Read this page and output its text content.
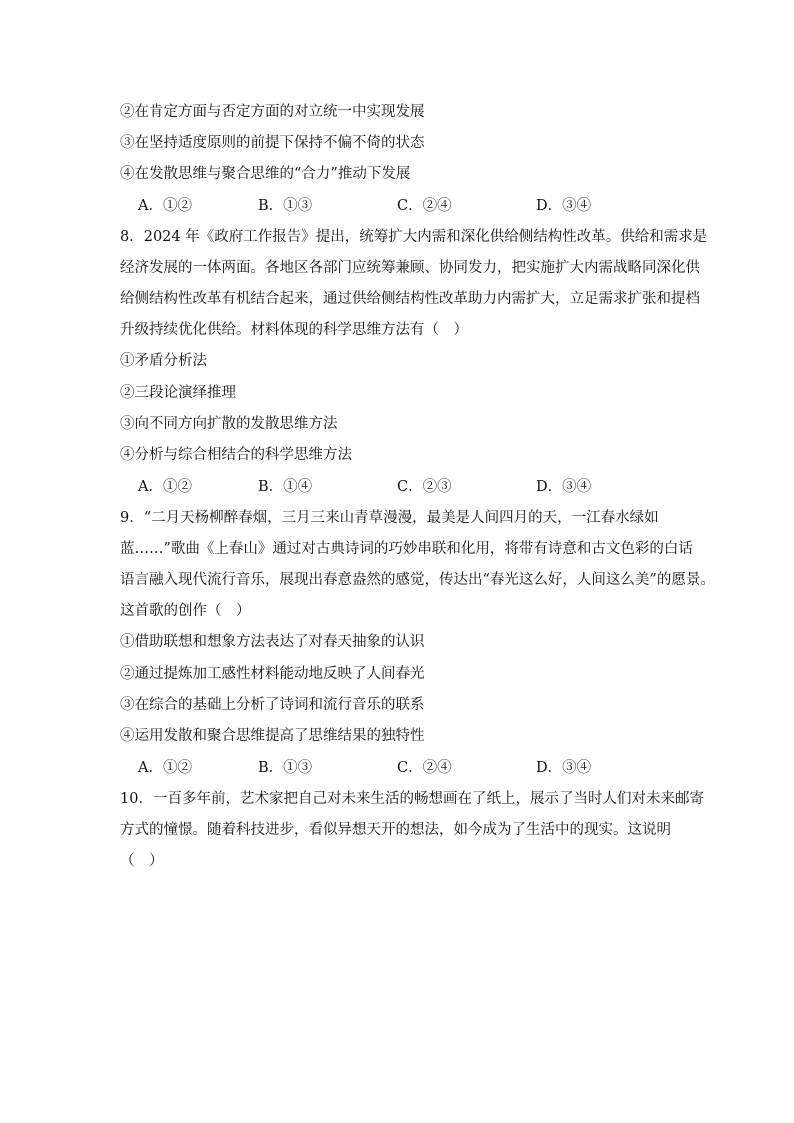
②在肯定方面与否定方面的对立统一中实现发展
③在坚持适度原则的前提下保持不偏不倚的状态
④在发散思维与聚合思维的“合力”推动下发展
A．①②	B．①③	C．②④	D．③④
8．2024 年《政府工作报告》提出，统筹扩大内需和深化供给侧结构性改革。供给和需求是
经济发展的一体两面。各地区各部门应统筹兼顾、协同发力，把实施扩大内需战略同深化供
给侧结构性改革有机结合起来，通过供给侧结构性改革助力内需扩大，立足需求扩张和提档
升级持续优化供给。材料体现的科学思维方法有（　）
①矛盾分析法
②三段论演绎推理
③向不同方向扩散的发散思维方法
④分析与综合相结合的科学思维方法
A．①②	B．①④	C．②③	D．③④
9．“二月天杨柳醉春烟，三月三来山青草漫漫，最美是人间四月的天，一江春水绿如
蓝……”歌曲《上春山》通过对古典诗词的巧妙串联和化用，将带有诗意和古文色彩的白话
语言融入现代流行音乐，展现出春意盎然的感觉，传达出“春光这么好，人间这么美”的愿景。
这首歌的创作（　）
①借助联想和想象方法表达了对春天抽象的认识
②通过提炼加工感性材料能动地反映了人间春光
③在综合的基础上分析了诗词和流行音乐的联系
④运用发散和聚合思维提高了思维结果的独特性
A．①②	B．①③	C．②④	D．③④
10．一百多年前，艺术家把自己对未来生活的畅想画在了纸上，展示了当时人们对未来邮寄
方式的憧憬。随着科技进步，看似异想天开的想法，如今成为了生活中的现实。这说明
（　）
